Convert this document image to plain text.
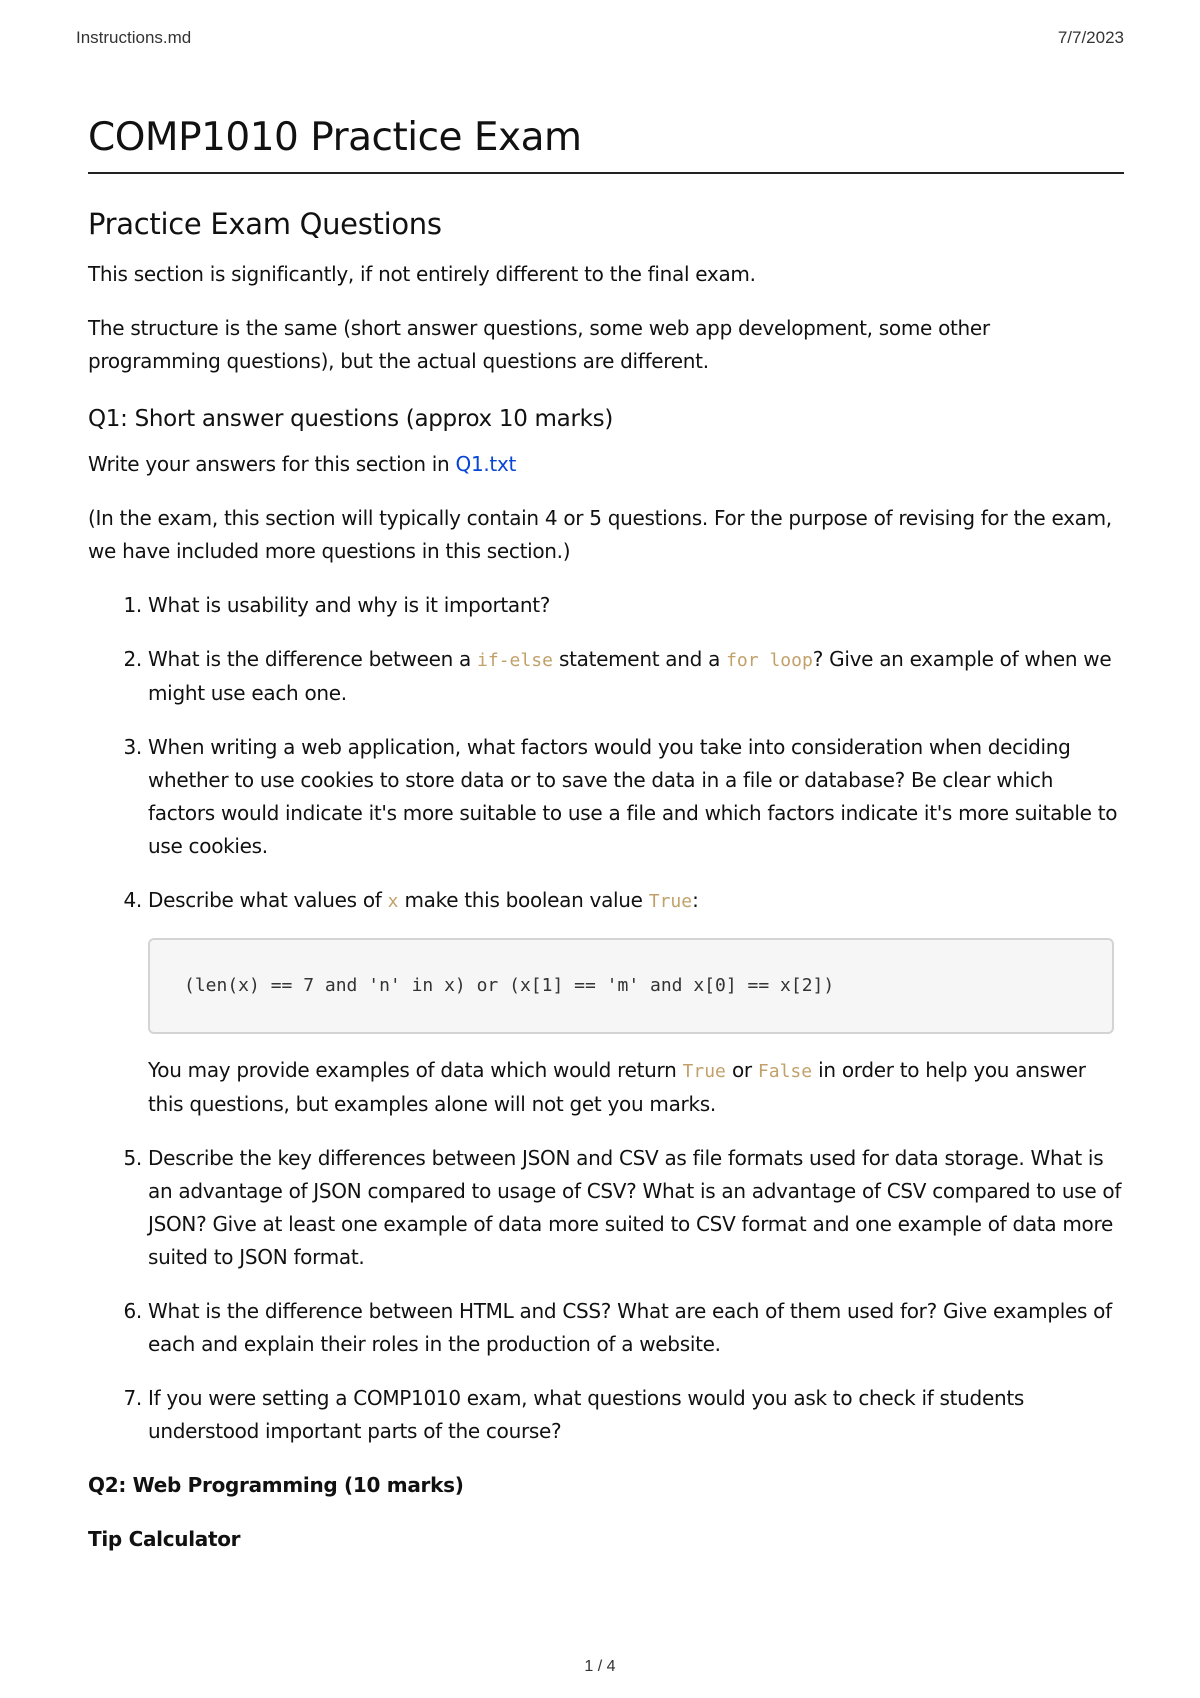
Instructions.md	7/7/2023
COMP1010 Practice Exam
Practice Exam Questions

This section is significantly, if not entirely different to the final exam.

The structure is the same (short answer questions, some web app development, some other programming questions), but the actual questions are different.

Q1: Short answer questions (approx 10 marks)

Write your answers for this section in Q1.txt

(In the exam, this section will typically contain 4 or 5 questions. For the purpose of revising for the exam, we have included more questions in this section.)

1. What is usability and why is it important?
2. What is the difference between a if-else statement and a for loop? Give an example of when we might use each one.
3. When writing a web application, what factors would you take into consideration when deciding whether to use cookies to store data or to save the data in a file or database? Be clear which factors would indicate it's more suitable to use a file and which factors indicate it's more suitable to use cookies.
4. Describe what values of x make this boolean value True:
(len(x) == 7 and 'n' in x) or (x[1] == 'm' and x[0] == x[2])
You may provide examples of data which would return True or False in order to help you answer this questions, but examples alone will not get you marks.
5. Describe the key differences between JSON and CSV as file formats used for data storage. What is an advantage of JSON compared to usage of CSV? What is an advantage of CSV compared to use of JSON? Give at least one example of data more suited to CSV format and one example of data more suited to JSON format.
6. What is the difference between HTML and CSS? What are each of them used for? Give examples of each and explain their roles in the production of a website.
7. If you were setting a COMP1010 exam, what questions would you ask to check if students understood important parts of the course?

Q2: Web Programming (10 marks)

Tip Calculator

1 / 4
